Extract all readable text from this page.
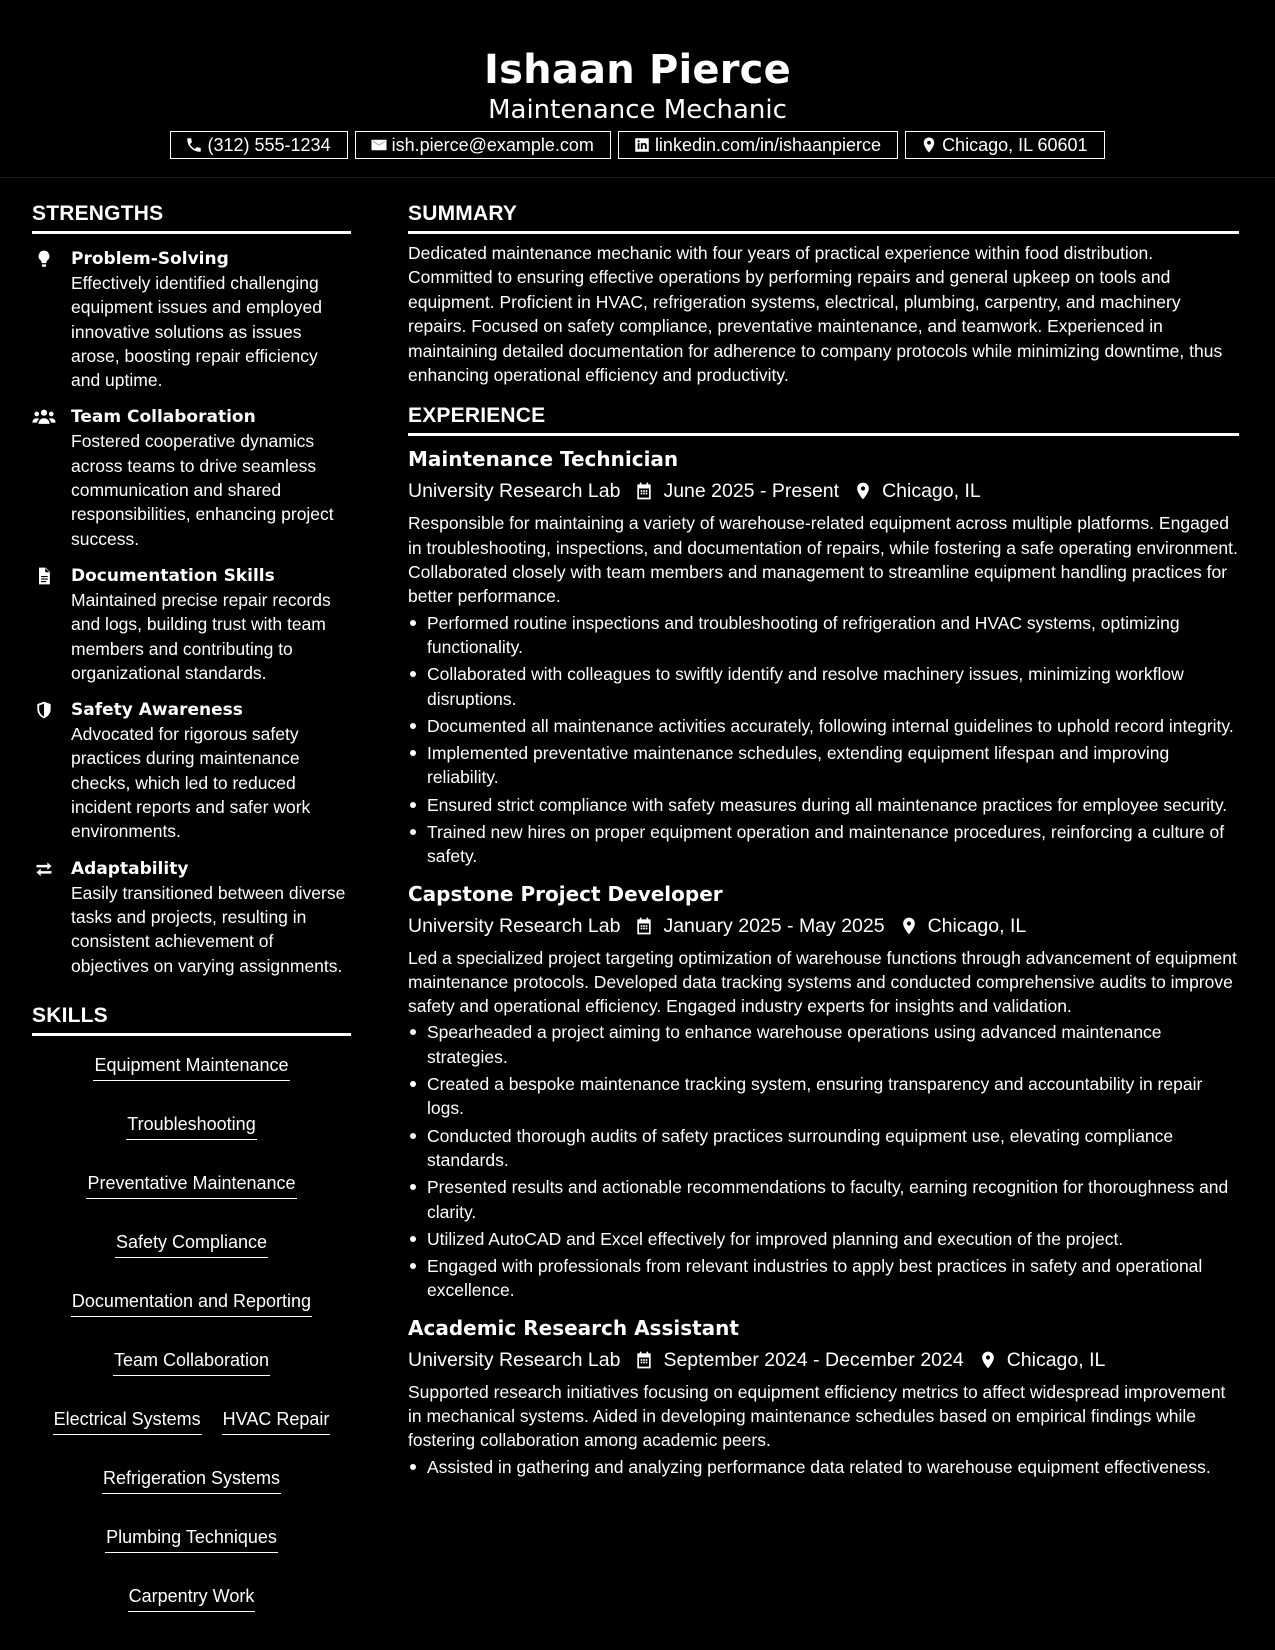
Ishaan Pierce
Maintenance Mechanic
(312) 555-1234	ish.pierce@example.com	linkedin.com/in/ishaanpierce	Chicago, IL 60601
STRENGTHS
Problem-Solving
Effectively identified challenging equipment issues and employed innovative solutions as issues arose, boosting repair efficiency and uptime.
Team Collaboration
Fostered cooperative dynamics across teams to drive seamless communication and shared responsibilities, enhancing project success.
Documentation Skills
Maintained precise repair records and logs, building trust with team members and contributing to organizational standards.
Safety Awareness
Advocated for rigorous safety practices during maintenance checks, which led to reduced incident reports and safer work environments.
Adaptability
Easily transitioned between diverse tasks and projects, resulting in consistent achievement of objectives on varying assignments.
SKILLS
Equipment Maintenance
Troubleshooting
Preventative Maintenance
Safety Compliance
Documentation and Reporting
Team Collaboration
Electrical Systems HVAC Repair
Refrigeration Systems
Plumbing Techniques
Carpentry Work
SUMMARY
Dedicated maintenance mechanic with four years of practical experience within food distribution. Committed to ensuring effective operations by performing repairs and general upkeep on tools and equipment. Proficient in HVAC, refrigeration systems, electrical, plumbing, carpentry, and machinery repairs. Focused on safety compliance, preventative maintenance, and teamwork. Experienced in maintaining detailed documentation for adherence to company protocols while minimizing downtime, thus enhancing operational efficiency and productivity.
EXPERIENCE
Maintenance Technician
University Research Lab June 2025 - Present Chicago, IL
Responsible for maintaining a variety of warehouse-related equipment across multiple platforms. Engaged in troubleshooting, inspections, and documentation of repairs, while fostering a safe operating environment. Collaborated closely with team members and management to streamline equipment handling practices for better performance.
Performed routine inspections and troubleshooting of refrigeration and HVAC systems, optimizing functionality.
Collaborated with colleagues to swiftly identify and resolve machinery issues, minimizing workflow disruptions.
Documented all maintenance activities accurately, following internal guidelines to uphold record integrity.
Implemented preventative maintenance schedules, extending equipment lifespan and improving reliability.
Ensured strict compliance with safety measures during all maintenance practices for employee security.
Trained new hires on proper equipment operation and maintenance procedures, reinforcing a culture of safety.
Capstone Project Developer
University Research Lab January 2025 - May 2025 Chicago, IL
Led a specialized project targeting optimization of warehouse functions through advancement of equipment maintenance protocols. Developed data tracking systems and conducted comprehensive audits to improve safety and operational efficiency. Engaged industry experts for insights and validation.
Spearheaded a project aiming to enhance warehouse operations using advanced maintenance strategies.
Created a bespoke maintenance tracking system, ensuring transparency and accountability in repair logs.
Conducted thorough audits of safety practices surrounding equipment use, elevating compliance standards.
Presented results and actionable recommendations to faculty, earning recognition for thoroughness and clarity.
Utilized AutoCAD and Excel effectively for improved planning and execution of the project.
Engaged with professionals from relevant industries to apply best practices in safety and operational excellence.
Academic Research Assistant
University Research Lab September 2024 - December 2024 Chicago, IL
Supported research initiatives focusing on equipment efficiency metrics to affect widespread improvement in mechanical systems. Aided in developing maintenance schedules based on empirical findings while fostering collaboration among academic peers.
Assisted in gathering and analyzing performance data related to warehouse equipment effectiveness.
